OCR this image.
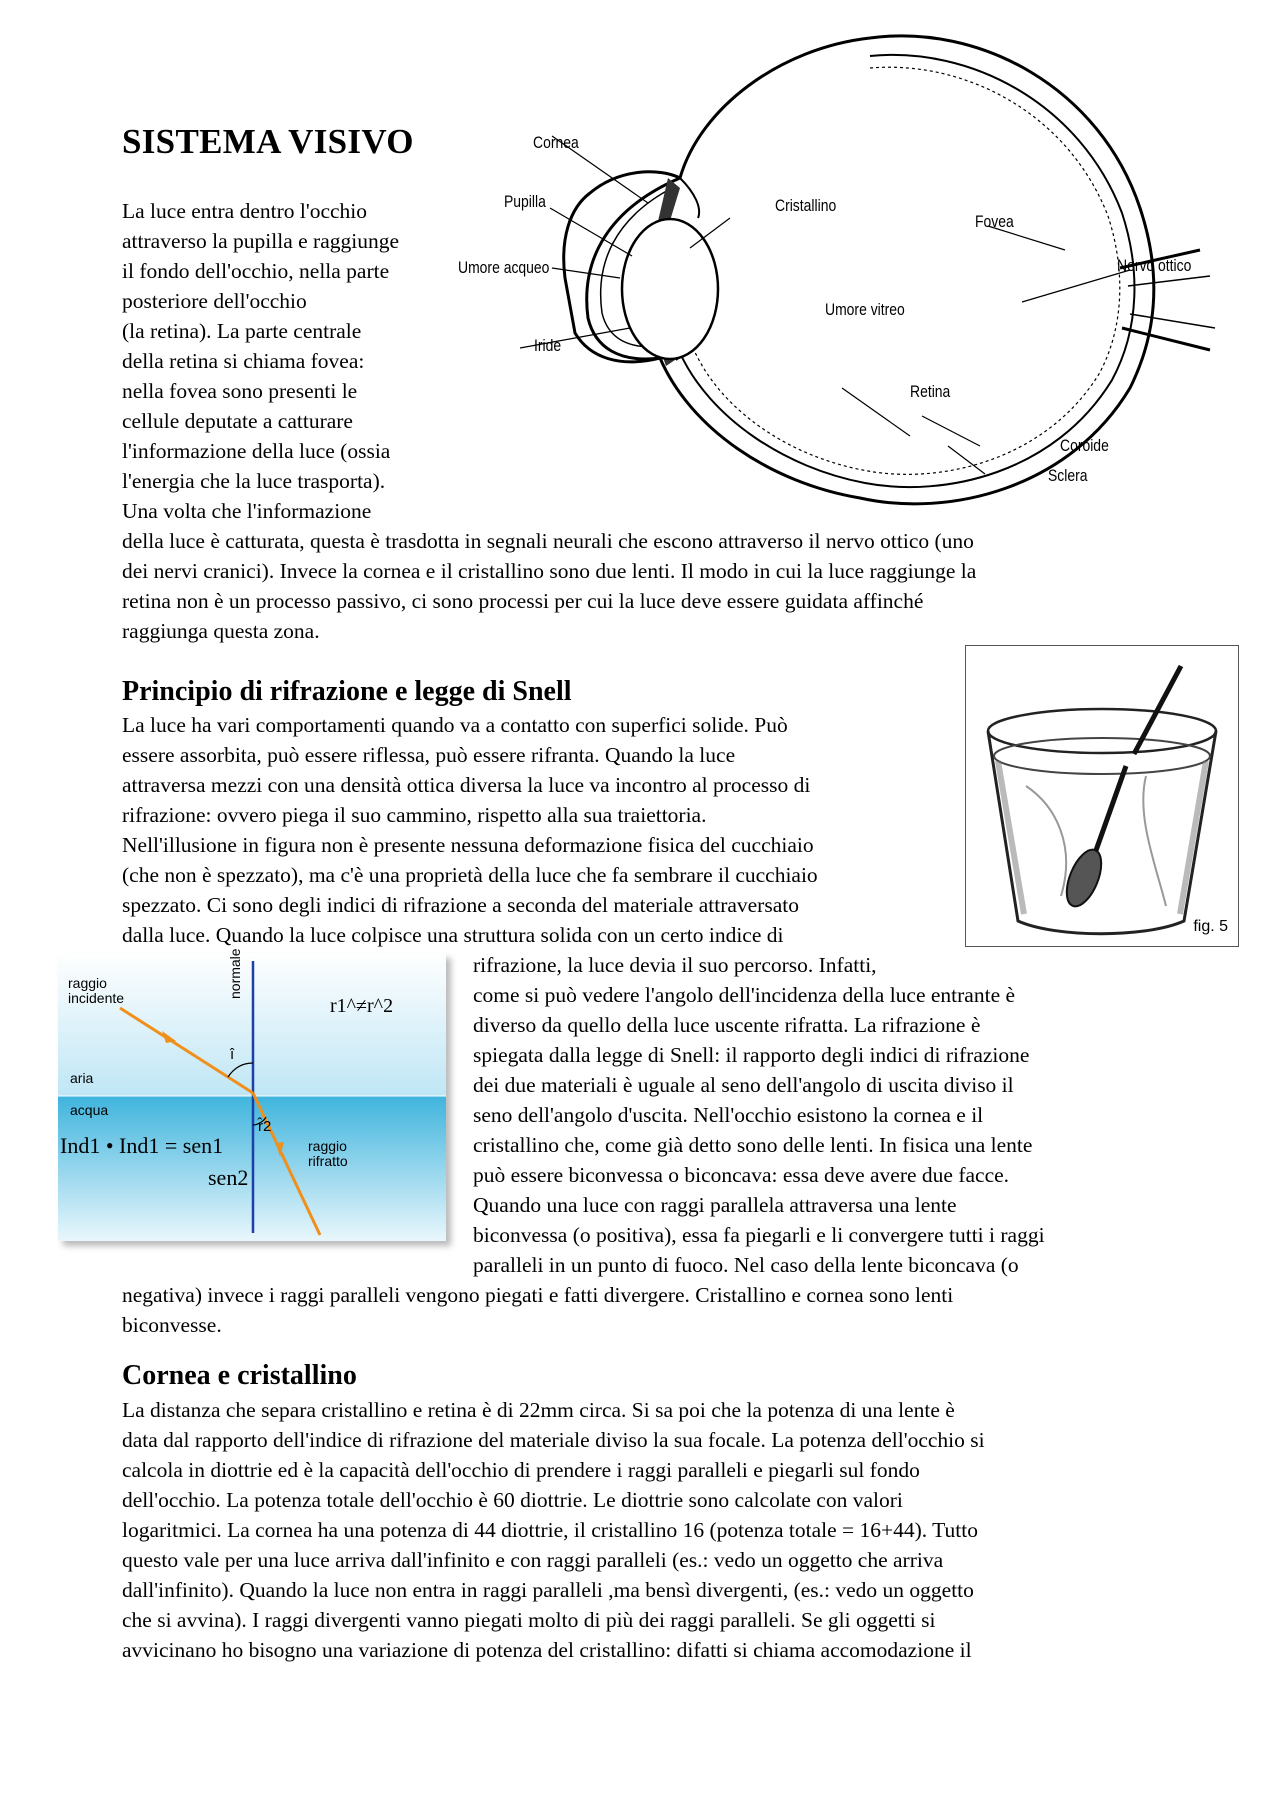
SISTEMA VISIVO

La luce entra dentro l'occhio

attraverso la pupilla e raggiunge

il fondo dell'occhio, nella parte

posteriore dell'occhio

(la retina). La parte centrale

della retina si chiama fovea:

nella fovea sono presenti le

cellule deputate a catturare

l'informazione della luce (ossia

l'energia che la luce trasporta).

Una volta che l'informazione

della luce è catturata, questa è trasdotta in segnali neurali che escono attraverso il nervo ottico (uno

dei nervi cranici). Invece la cornea e il cristallino sono due lenti. Il modo in cui la luce raggiunge la

retina non è un processo passivo, ci sono processi per cui la luce deve essere guidata affinché

raggiunga questa zona.

Cornea
Pupilla
Umore acqueo
Iride
Cristallino
Umore vitreo
Fovea
Nervo ottico
Retina
Coroide
Sclera
Principio di rifrazione e legge di Snell

La luce ha vari comportamenti quando va a contatto con superfici solide. Può

essere assorbita, può essere riflessa, può essere rifranta. Quando la luce

attraversa mezzi con una densità ottica diversa la luce va incontro al processo di

rifrazione: ovvero piega il suo cammino, rispetto alla sua traiettoria.

Nell'illusione in figura non è presente nessuna deformazione fisica del cucchiaio

(che non è spezzato), ma c'è una proprietà della luce che fa sembrare il cucchiaio

spezzato. Ci sono degli indici di rifrazione a seconda del materiale attraversato

dalla luce. Quando la luce colpisce una struttura solida con un certo indice di

rifrazione, la luce devia il suo percorso. Infatti,

come si può vedere l'angolo dell'incidenza della luce entrante è

diverso da quello della luce uscente rifratta. La rifrazione è

spiegata dalla legge di Snell: il rapporto degli indici di rifrazione

dei due materiali è uguale al seno dell'angolo di uscita diviso il

seno dell'angolo d'uscita. Nell'occhio esistono la cornea e il

cristallino che, come già detto sono delle lenti. In fisica una lente

può essere biconvessa o biconcava: essa deve avere due facce.

Quando una luce con raggi parallela attraversa una lente

biconvessa (o positiva), essa fa piegarli e li convergere tutti i raggi

paralleli in un punto di fuoco. Nel caso della lente biconcava (o

negativa) invece i raggi paralleli vengono piegati e fatti divergere. Cristallino e cornea sono lenti

biconvesse.

fig. 5
raggio
incidente	normale
aria
acqua
raggio
rifratto
î
r̂2
r1^≠r^2
Ind1 • Ind1 = sen1
sen2
Cornea e cristallino

La distanza che separa cristallino e retina è di 22mm circa. Si sa poi che la potenza di una lente è

data dal rapporto dell'indice di rifrazione del materiale diviso la sua focale. La potenza dell'occhio si

calcola in diottrie ed è la capacità dell'occhio di prendere i raggi paralleli e piegarli sul fondo

dell'occhio. La potenza totale dell'occhio è 60 diottrie. Le diottrie sono calcolate con valori

logaritmici. La cornea ha una potenza di 44 diottrie, il cristallino 16 (potenza totale = 16+44). Tutto

questo vale per una luce arriva dall'infinito e con raggi paralleli (es.: vedo un oggetto che arriva

dall'infinito). Quando la luce non entra in raggi paralleli ,ma bensì divergenti, (es.: vedo un oggetto

che si avvina). I raggi divergenti vanno piegati molto di più dei raggi paralleli. Se gli oggetti si

avvicinano ho bisogno una variazione di potenza del cristallino: difatti si chiama accomodazione il
